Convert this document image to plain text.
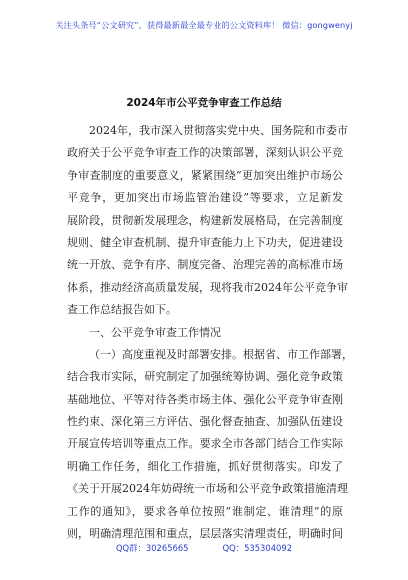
关注头条号“公文研究”，获得最新最全最专业的公文资料库！ 微信：gongwenyj
2024年市公平竞争审查工作总结
2024年，我市深入贯彻落实党中央、国务院和市委市
政府关于公平竞争审查工作的决策部署，深刻认识公平竞
争审查制度的重要意义，紧紧围绕“更加突出维护市场公
平竞争，更加突出市场监管治建设”等要求，立足新发
展阶段，贯彻新发展理念，构建新发展格局，在完善制度
规则、健全审查机制、提升审查能力上下功夫，促进建设
统一开放、竞争有序、制度完备、治理完善的高标准市场
体系，推动经济高质量发展，现将我市2024年公平竞争审
查工作总结报告如下。
一、公平竞争审查工作情况
（一）高度重视及时部署安排。根据省、市工作部署，
结合我市实际，研究制定了加强统筹协调、强化竞争政策
基础地位、平等对待各类市场主体、强化公平竞争审查刚
性约束、深化第三方评估、强化督查抽查、加强队伍建设
开展宣传培训等重点工作。要求全市各部门结合工作实际
明确工作任务，细化工作措施，抓好贯彻落实。印发了
《关于开展2024年妨碍统一市场和公平竞争政策措施清理
工作的通知》，要求各单位按照“谁制定、谁清理”的原
则，明确清理范围和重点，层层落实清理责任，明确时间
QQ群：30265665	QQ：535304092
